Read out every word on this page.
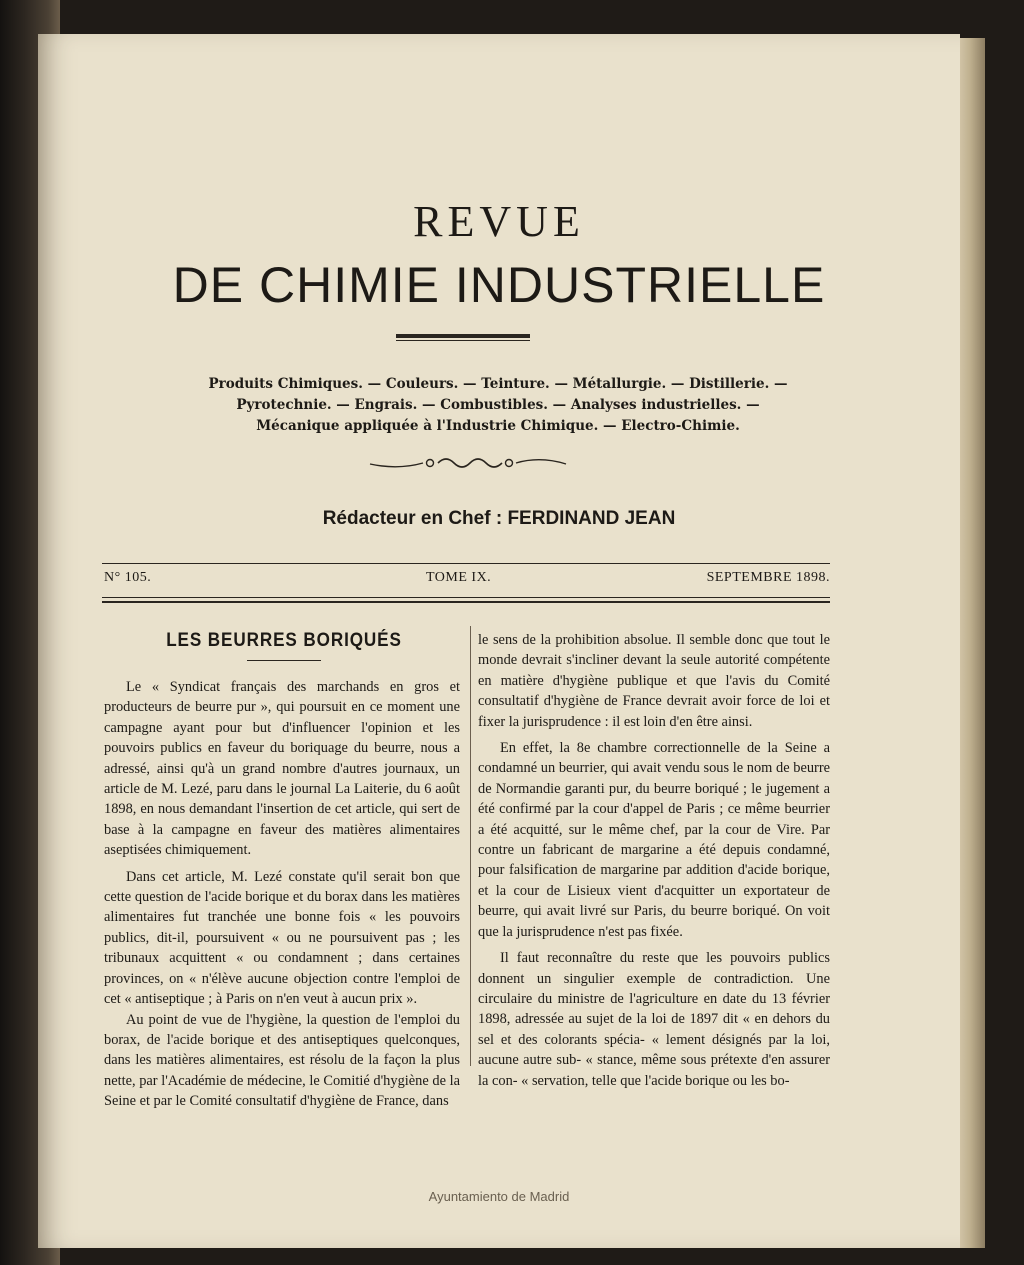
REVUE
DE CHIMIE INDUSTRIELLE
Produits Chimiques. — Couleurs. — Teinture. — Métallurgie. — Distillerie. —
Pyrotechnie. — Engrais. — Combustibles. — Analyses industrielles. —
Mécanique appliquée à l'Industrie Chimique. — Electro-Chimie.
Rédacteur en Chef : FERDINAND JEAN
N° 105.	TOME IX.	SEPTEMBRE 1898.
LES BEURRES BORIQUÉS

Le « Syndicat français des marchands en gros et producteurs de beurre pur », qui poursuit en ce moment une campagne ayant pour but d'influencer l'opinion et les pouvoirs publics en faveur du boriquage du beurre, nous a adressé, ainsi qu'à un grand nombre d'autres journaux, un article de M. Lezé, paru dans le journal La Laiterie, du 6 août 1898, en nous demandant l'insertion de cet article, qui sert de base à la campagne en faveur des matières alimentaires aseptisées chimiquement.

Dans cet article, M. Lezé constate qu'il serait bon que cette question de l'acide borique et du borax dans les matières alimentaires fut tranchée une bonne fois « les pouvoirs publics, dit-il, poursuivent « ou ne poursuivent pas ; les tribunaux acquittent « ou condamnent ; dans certaines provinces, on « n'élève aucune objection contre l'emploi de cet « antiseptique ; à Paris on n'en veut à aucun prix ».

Au point de vue de l'hygiène, la question de l'emploi du borax, de l'acide borique et des antiseptiques quelconques, dans les matières alimentaires, est résolu de la façon la plus nette, par l'Académie de médecine, le Comitié d'hygiène de la Seine et par le Comité consultatif d'hygiène de France, dans

le sens de la prohibition absolue. Il semble donc que tout le monde devrait s'incliner devant la seule autorité compétente en matière d'hygiène publique et que l'avis du Comité consultatif d'hygiène de France devrait avoir force de loi et fixer la jurisprudence : il est loin d'en être ainsi.

En effet, la 8e chambre correctionnelle de la Seine a condamné un beurrier, qui avait vendu sous le nom de beurre de Normandie garanti pur, du beurre boriqué ; le jugement a été confirmé par la cour d'appel de Paris ; ce même beurrier a été acquitté, sur le même chef, par la cour de Vire. Par contre un fabricant de margarine a été depuis condamné, pour falsification de margarine par addition d'acide borique, et la cour de Lisieux vient d'acquitter un exportateur de beurre, qui avait livré sur Paris, du beurre boriqué. On voit que la jurisprudence n'est pas fixée.

Il faut reconnaître du reste que les pouvoirs publics donnent un singulier exemple de contradiction. Une circulaire du ministre de l'agriculture en date du 13 février 1898, adressée au sujet de la loi de 1897 dit « en dehors du sel et des colorants spécia- « lement désignés par la loi, aucune autre sub- « stance, même sous prétexte d'en assurer la con- « servation, telle que l'acide borique ou les bo-

Ayuntamiento de Madrid
